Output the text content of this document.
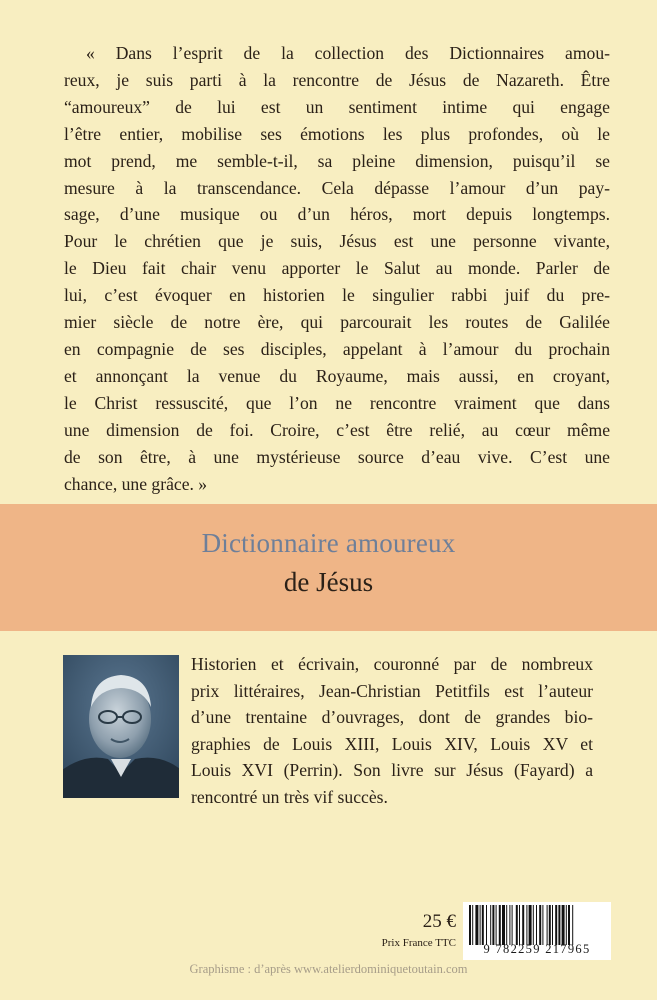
« Dans l’esprit de la collection des Dictionnaires amou-
reux, je suis parti à la rencontre de Jésus de Nazareth. Être
“amoureux” de lui est un sentiment intime qui engage
l’être entier, mobilise ses émotions les plus profondes, où le
mot prend, me semble-t-il, sa pleine dimension, puisqu’il se
mesure à la transcendance. Cela dépasse l’amour d’un pay-
sage, d’une musique ou d’un héros, mort depuis longtemps.
Pour le chrétien que je suis, Jésus est une personne vivante,
le Dieu fait chair venu apporter le Salut au monde. Parler de
lui, c’est évoquer en historien le singulier rabbi juif du pre-
mier siècle de notre ère, qui parcourait les routes de Galilée
en compagnie de ses disciples, appelant à l’amour du prochain
et annonçant la venue du Royaume, mais aussi, en croyant,
le Christ ressuscité, que l’on ne rencontre vraiment que dans
une dimension de foi. Croire, c’est être relié, au cœur même
de son être, à une mystérieuse source d’eau vive. C’est une
chance, une grâce. »
Dictionnaire amoureux
de Jésus
Historien et écrivain, couronné par de nombreux
prix littéraires, Jean-Christian Petitfils est l’auteur
d’une trentaine d’ouvrages, dont de grandes bio-
graphies de Louis XIII, Louis XIV, Louis XV et
Louis XVI (Perrin). Son livre sur Jésus (Fayard) a
rencontré un très vif succès.
25 €
Prix France TTC	9 782259 217965
Graphisme : d’après www.atelierdominiquetoutain.com
